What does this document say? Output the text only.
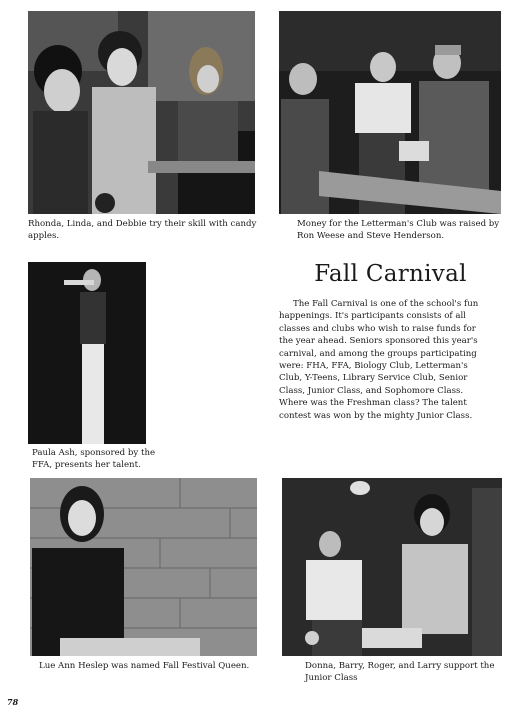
Rhonda, Linda, and Debbie try their skill with candy apples.

Money for the Letterman's Club was raised by Ron Weese and Steve Henderson.

Paula Ash, sponsored by the FFA, presents her talent.

Fall Carnival

The Fall Carnival is one of the school's fun happenings. It's participants consists of all classes and clubs who wish to raise funds for the year ahead. Seniors sponsored this year's carnival, and among the groups participating were: FHA, FFA, Biology Club, Letterman's Club, Y-Teens, Library Service Club, Senior Class, Junior Class, and Sophomore Class. Where was the Freshman class? The talent contest was won by the mighty Junior Class.

Lue Ann Heslep was named Fall Festival Queen.	Donna, Barry, Roger, and Larry support the Junior Class

78
